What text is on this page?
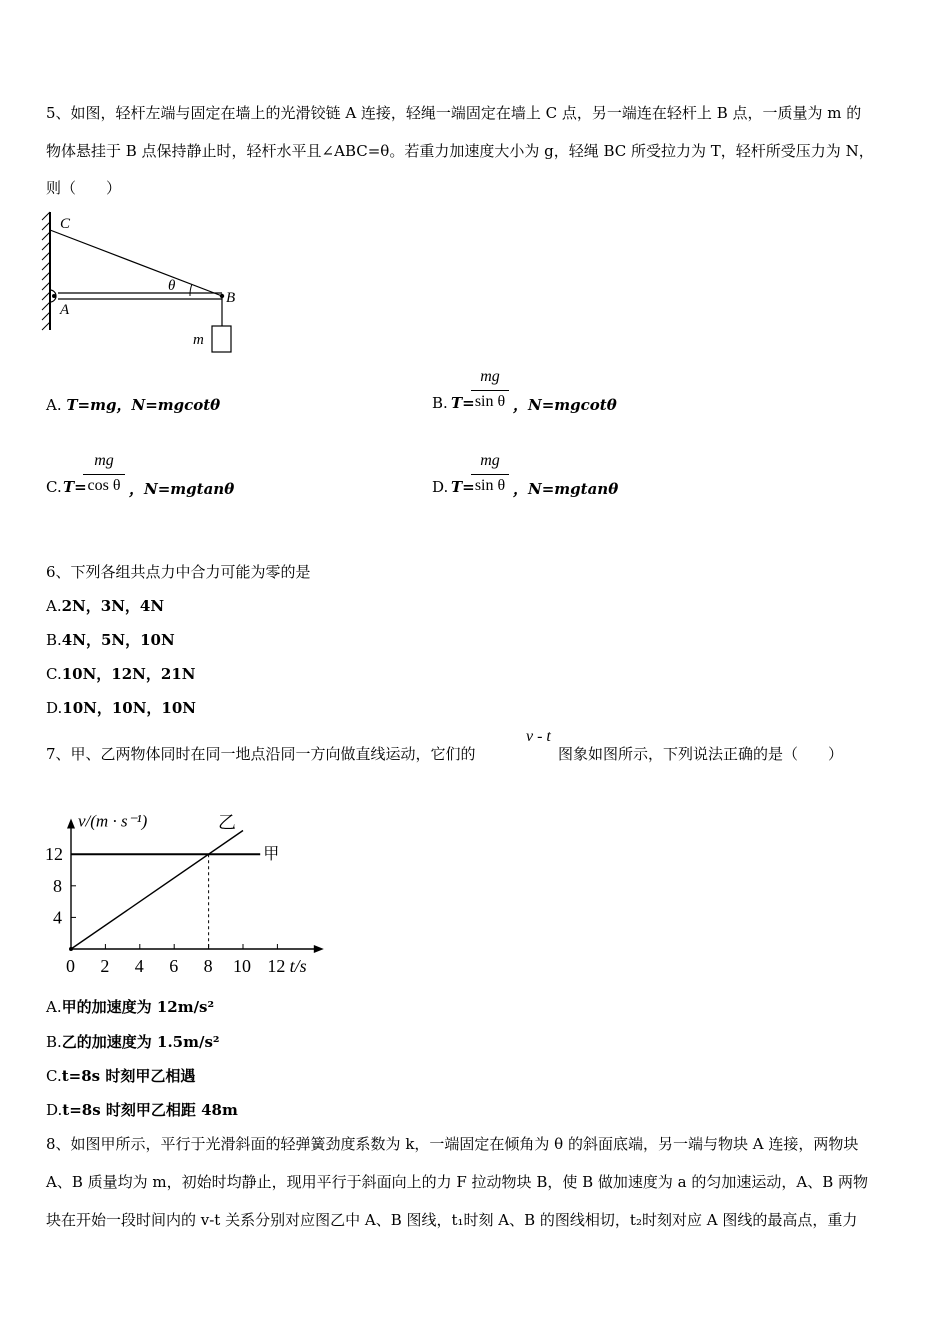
5、如图，轻杆左端与固定在墙上的光滑铰链 A 连接，轻绳一端固定在墙上 C 点，另一端连在轻杆上 B 点，一质量为 m 的
物体悬挂于 B 点保持静止时，轻杆水平且∠ABC=θ。若重力加速度大小为 g，轻绳 BC 所受拉力为 T，轻杆所受压力为 N，
则（　　）
C
A
B
θ
m
A. T=mg，N=mgcotθ	B. T=
mg
sin θ ，N=mgcotθ
C. T=
mg
cos θ ，N=mgtanθ	D. T=
mg
sin θ ，N=mgtanθ
6、下列各组共点力中合力可能为零的是
A.2N，3N，4N
B.4N，5N，10N
C.10N，12N，21N
D.10N，10N，10N
7、甲、乙两物体同时在同一地点沿同一方向做直线运动，它们的
v - t
图象如图所示，下列说法正确的是（　　）
v/(m · s⁻¹)
t/s
0 2 4 6 8 10 12
4
8
12	甲
乙
A.甲的加速度为 12m/s²
B.乙的加速度为 1.5m/s²
C.t=8s 时刻甲乙相遇
D.t=8s 时刻甲乙相距 48m
8、如图甲所示，平行于光滑斜面的轻弹簧劲度系数为 k，一端固定在倾角为 θ 的斜面底端，另一端与物块 A 连接，两物块
A、B 质量均为 m，初始时均静止，现用平行于斜面向上的力 F 拉动物块 B，使 B 做加速度为 a 的匀加速运动，A、B 两物
块在开始一段时间内的 v-t 关系分别对应图乙中 A、B 图线，t₁时刻 A、B 的图线相切，t₂时刻对应 A 图线的最高点，重力
